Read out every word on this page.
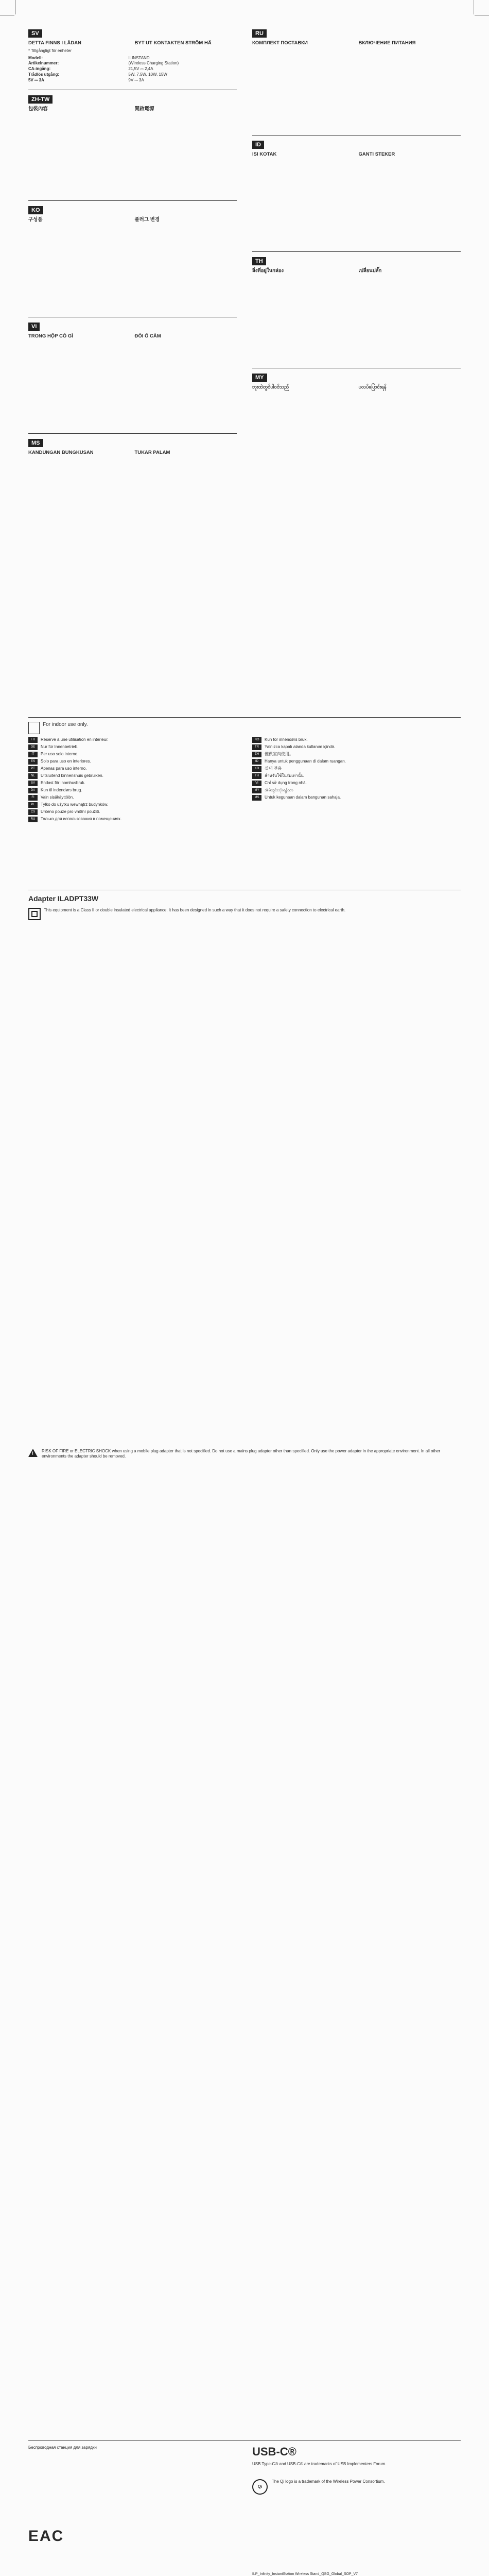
SV
DETTA FINNS I LÅDAN	BYT UT KONTAKTEN STRÖM HÄ
* Tillgångligt för enheter
Modell:	ILINSTAND
Artikelnummer:	(Wireless Charging Station)
CA-ingång:	21,5V ⎓ 2,4A
Trådlös utgång:	5W, 7,5W, 10W, 15W
5V ⎓ 3A	9V ⎓ 3A
ZH-TW
包裝內容	開啟電源
KO
구성품	플러그 변경
VI
TRONG HỘP CÓ GÌ	ĐỔI Ổ CẮM
MS
KANDUNGAN BUNGKUSAN	TUKAR PALAM
RU
КОМПЛЕКТ ПОСТАВКИ	ВКЛЮЧЕНИЕ ПИТАНИЯ
ID
ISI KOTAK	GANTI STEKER
TH
สิ่งที่อยู่ในกล่อง	เปลี่ยนปลั๊ก
MY
ဘူးထဲတွင်ပါဝင်သည်	ပလပ်ပြောင်းရန်
For indoor use only.
FR	Réservé à une utilisation en intérieur.
DE	Nur für Innenbetrieb.
IT	Per uso solo interno.
ES	Solo para uso en interiores.
PT	Apenas para uso interno.
NL	Uitsluitend binnenshuis gebruiken.
SV	Endast för inomhusbruk.
DA	Kun til indendørs brug.
FI	Vain sisäkäyttöön.
PL	Tylko do użytku wewnątrz budynków.
CS	Určeno pouze pro vnitřní použití.
RU	Только для использования в помещениях.
NO	Kun for innendørs bruk.
TR	Yalnızca kapalı alanda kullanım içindir.
ZH	僅供室內使用。
ID	Hanya untuk penggunaan di dalam ruangan.
KO	실내 전용
TH	สำหรับใช้ในร่มเท่านั้น
VI	Chỉ sử dụng trong nhà.
MY	အိမ်တွင်းသုံးရန်သာ
MS	Untuk kegunaan dalam bangunan sahaja.
Adapter ILADPT33W
This equipment is a Class II or double insulated electrical appliance. It has been designed in such a way that it does not require a safety connection to electrical earth.
! RISK OF FIRE or ELECTRIC SHOCK when using a mobile plug adapter that is not specified. Do not use a mains plug adapter other than specified. Only use the power adapter in the appropriate environment. In all other environments the adapter should be removed.
Беспроводная станция для зарядки
EAC
USB-C®
USB Type-C® and USB-C® are trademarks of USB Implementers Forum.
Qi
The Qi logo is a trademark of the Wireless Power Consortium.
ILP_Infinity_InstantStation Wireless Stand_QSG_Global_SOP_V7
